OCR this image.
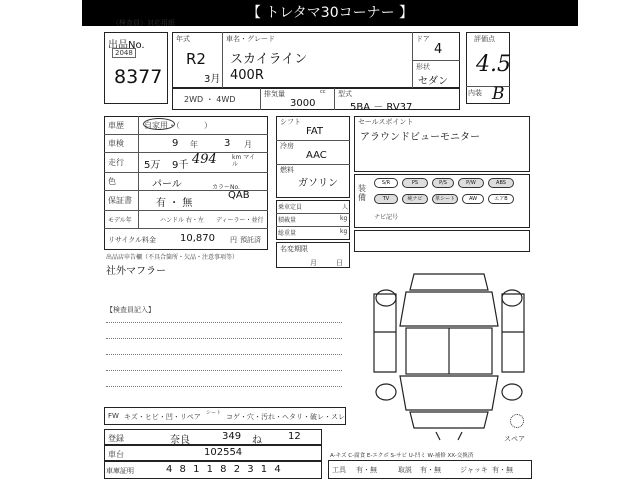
【 トレタマ30コーナー 】
（検査員）対応用紙
出品No.
2048
8377
年式
R2
3月
車名・グレード
スカイライン
400R
ドア
4
形状
セダン
2WD ・ 4WD
排気量
3000
cc 型式
5BA － RV37
評価点
4.5
内装 B
車歴	自家用・（　　　）
車検	9 年	3 月
走行 5万 9千 494	km マイル
色	パール	カラーNo.
QAB
保証書 有 ・ 無
モデル年	ハンドル 右・左 ディーラー・並行
リサイクル料金 10,870 円 預託済
シフト
FAT
冷房
AAC
燃料
ガソリン
乗車定員	人
積載量	kg
総重量	kg
名変期限
月	日
セールスポイント
アラウンドビューモニター
装備
S/R	PS	P/S	P/W	ABS
TV	純ナビ	革シート	AW	エアB
ナビ記号
出品店申告欄（不具合箇所・欠品・注意事項等）
社外マフラー
【検査員記入】
スペア
FW キズ・ヒビ・凹・リペア シート コゲ・穴・汚れ・ヘタリ・破レ・スレ
登録	奈良	349 ね	12
車台	102554
車庫証明	4 8 1 1 8 2 3 1 4
A-キズ C-腐食 E-エクボ S-サビ U-凹ミ W-補修 XX-交換済
工具 有・無	取説 有・無	ジャッキ 有・無
